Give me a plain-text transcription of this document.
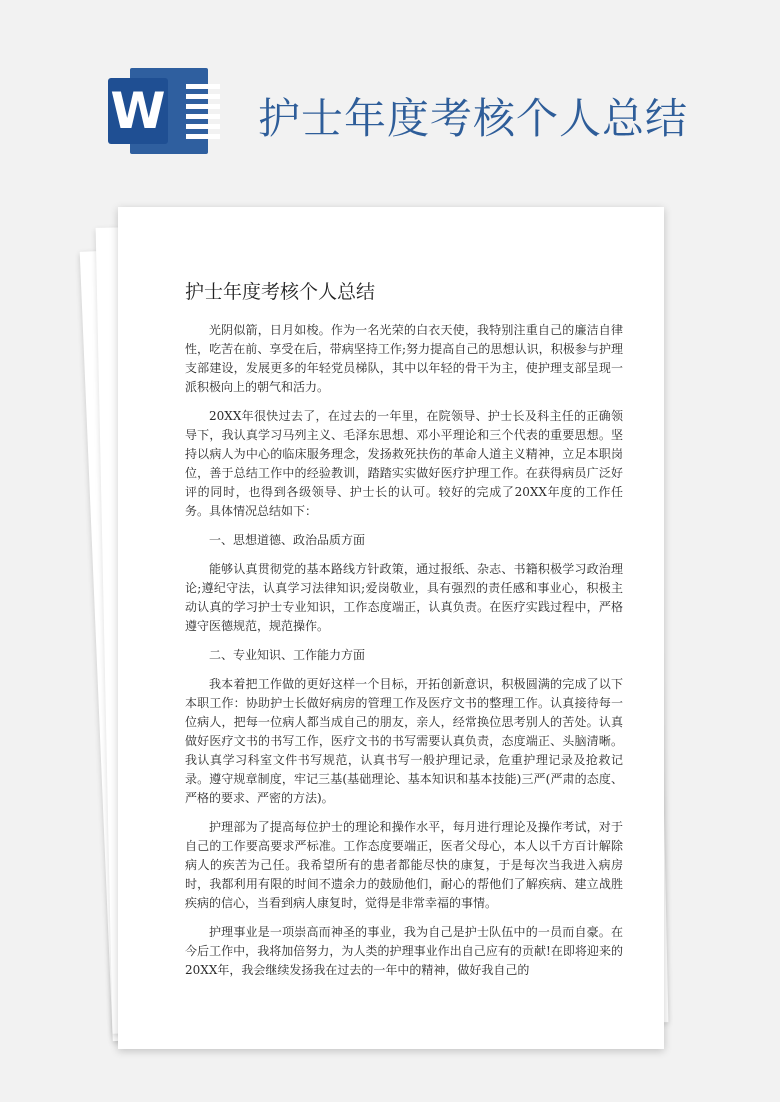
W 护士年度考核个人总结
护士年度考核个人总结

光阴似箭，日月如梭。作为一名光荣的白衣天使，我特别注重自己的廉洁自律性，吃苦在前、享受在后，带病坚持工作;努力提高自己的思想认识，积极参与护理支部建设，发展更多的年轻党员梯队，其中以年轻的骨干为主，使护理支部呈现一派积极向上的朝气和活力。

20XX年很快过去了，在过去的一年里，在院领导、护士长及科主任的正确领导下，我认真学习马列主义、毛泽东思想、邓小平理论和三个代表的重要思想。坚持以病人为中心的临床服务理念，发扬救死扶伤的革命人道主义精神，立足本职岗位，善于总结工作中的经验教训，踏踏实实做好医疗护理工作。在获得病员广泛好评的同时，也得到各级领导、护士长的认可。较好的完成了20XX年度的工作任务。具体情况总结如下：

一、思想道德、政治品质方面

能够认真贯彻党的基本路线方针政策，通过报纸、杂志、书籍积极学习政治理论;遵纪守法，认真学习法律知识;爱岗敬业，具有强烈的责任感和事业心，积极主动认真的学习护士专业知识，工作态度端正，认真负责。在医疗实践过程中，严格遵守医德规范，规范操作。

二、专业知识、工作能力方面

我本着把工作做的更好这样一个目标，开拓创新意识，积极圆满的完成了以下本职工作：协助护士长做好病房的管理工作及医疗文书的整理工作。认真接待每一位病人，把每一位病人都当成自己的朋友，亲人，经常换位思考别人的苦处。认真做好医疗文书的书写工作，医疗文书的书写需要认真负责，态度端正、头脑清晰。我认真学习科室文件书写规范，认真书写一般护理记录，危重护理记录及抢救记录。遵守规章制度，牢记三基(基础理论、基本知识和基本技能)三严(严肃的态度、严格的要求、严密的方法)。

护理部为了提高每位护士的理论和操作水平，每月进行理论及操作考试，对于自己的工作要高要求严标准。工作态度要端正，医者父母心，本人以千方百计解除病人的疾苦为己任。我希望所有的患者都能尽快的康复，于是每次当我进入病房时，我都利用有限的时间不遗余力的鼓励他们，耐心的帮他们了解疾病、建立战胜疾病的信心，当看到病人康复时，觉得是非常幸福的事情。

护理事业是一项崇高而神圣的事业，我为自己是护士队伍中的一员而自豪。在今后工作中，我将加倍努力，为人类的护理事业作出自己应有的贡献!在即将迎来的20XX年，我会继续发扬我在过去的一年中的精神，做好我自己的
